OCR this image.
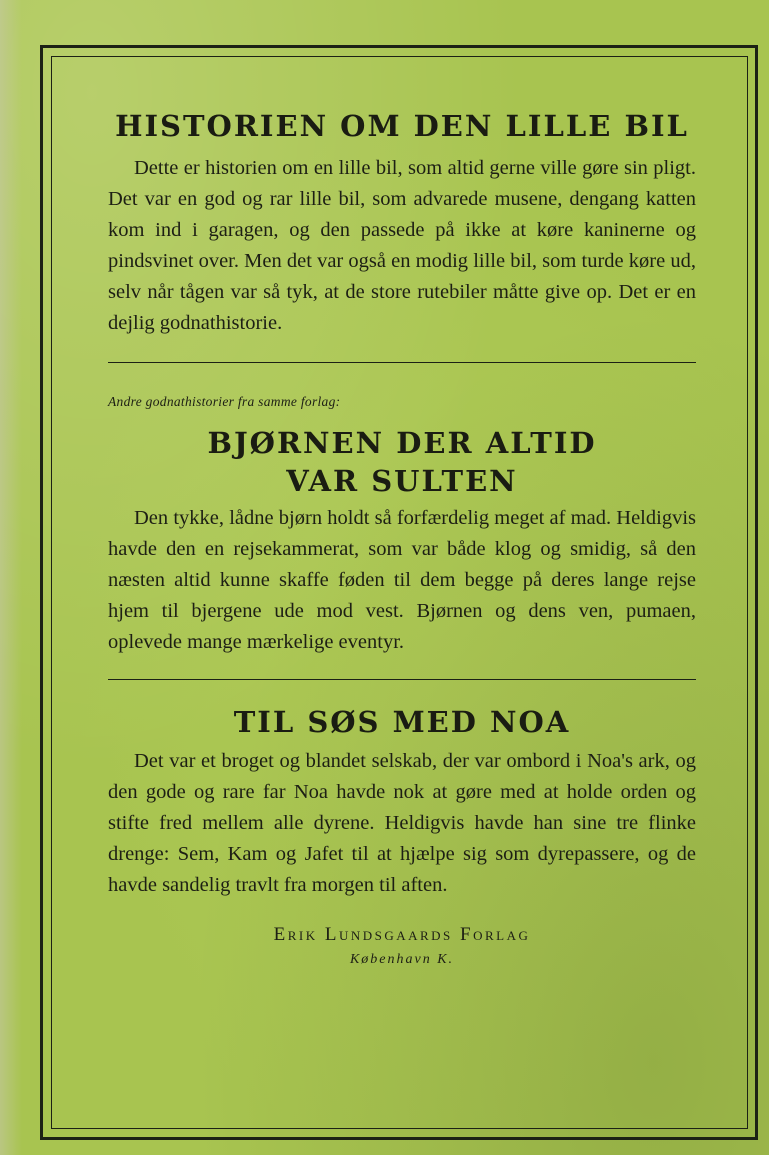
HISTORIEN OM DEN LILLE BIL

Dette er historien om en lille bil, som altid gerne ville gøre sin pligt. Det var en god og rar lille bil, som advarede musene, dengang katten kom ind i garagen, og den passede på ikke at køre kaninerne og pindsvinet over. Men det var også en modig lille bil, som turde køre ud, selv når tågen var så tyk, at de store rutebiler måtte give op. Det er en dejlig godnathistorie.

Andre godnathistorier fra samme forlag:
BJØRNEN DER ALTID
VAR SULTEN

Den tykke, lådne bjørn holdt så forfærdelig meget af mad. Heldigvis havde den en rejsekammerat, som var både klog og smidig, så den næsten altid kunne skaffe føden til dem begge på deres lange rejse hjem til bjergene ude mod vest. Bjørnen og dens ven, pumaen, oplevede mange mærkelige eventyr.

TIL SØS MED NOA

Det var et broget og blandet selskab, der var ombord i Noa's ark, og den gode og rare far Noa havde nok at gøre med at holde orden og stifte fred mellem alle dyrene. Heldigvis havde han sine tre flinke drenge: Sem, Kam og Jafet til at hjælpe sig som dyrepassere, og de havde sandelig travlt fra morgen til aften.

Erik Lundsgaards Forlag
København K.
